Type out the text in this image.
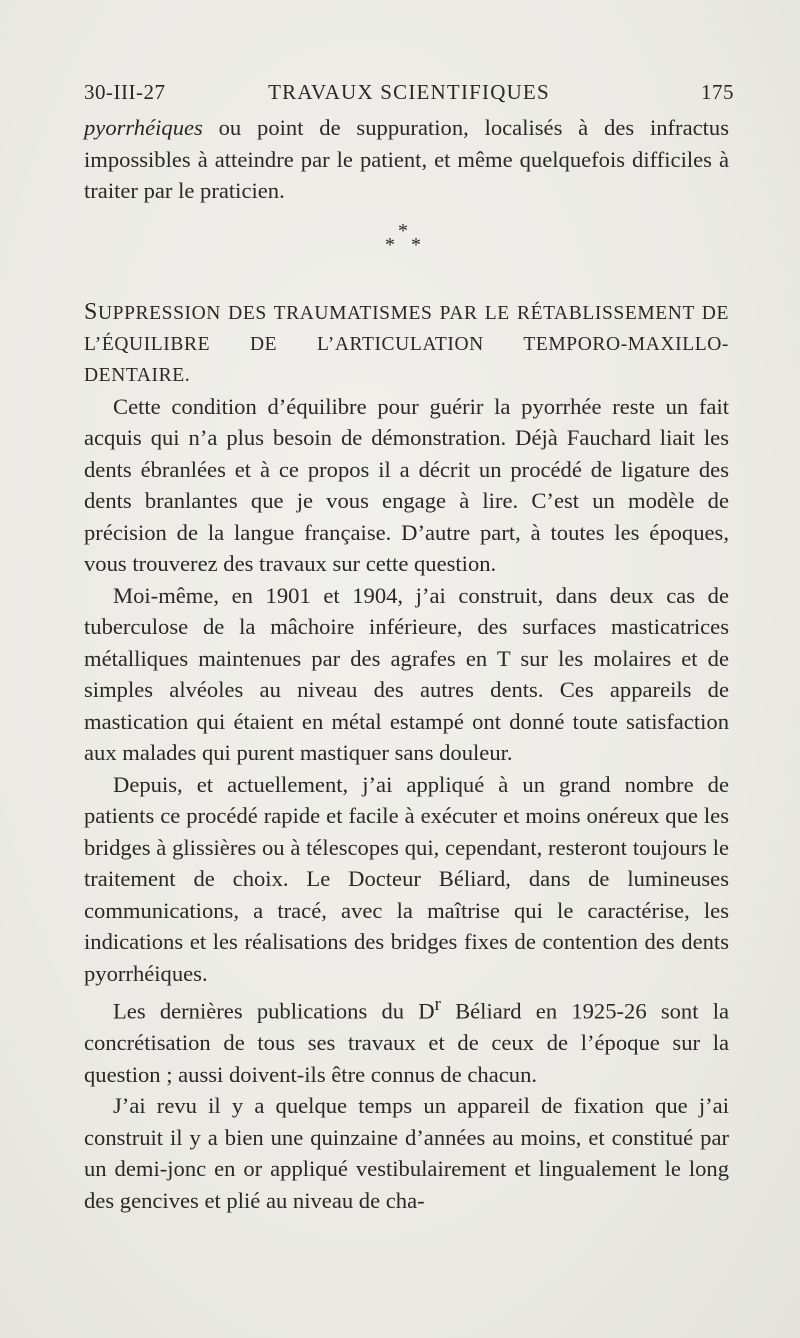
30-III-27	TRAVAUX SCIENTIFIQUES	175

pyorrhéiques ou point de suppuration, localisés à des infractus impossibles à atteindre par le patient, et même quelquefois difficiles à traiter par le praticien.

*
* *

SUPPRESSION DES TRAUMATISMES PAR LE RÉTABLISSEMENT DE L’ÉQUILIBRE DE L’ARTICULATION TEMPORO-MAXILLO-DENTAIRE.

Cette condition d’équilibre pour guérir la pyorrhée reste un fait acquis qui n’a plus besoin de démonstration. Déjà Fauchard liait les dents ébranlées et à ce propos il a décrit un procédé de ligature des dents branlantes que je vous engage à lire. C’est un modèle de précision de la langue française. D’autre part, à toutes les époques, vous trouverez des travaux sur cette question.

Moi-même, en 1901 et 1904, j’ai construit, dans deux cas de tuberculose de la mâchoire inférieure, des surfaces masticatrices métalliques maintenues par des agrafes en T sur les molaires et de simples alvéoles au niveau des autres dents. Ces appareils de mastication qui étaient en métal estampé ont donné toute satisfaction aux malades qui purent mastiquer sans douleur.

Depuis, et actuellement, j’ai appliqué à un grand nombre de patients ce procédé rapide et facile à exécuter et moins onéreux que les bridges à glissières ou à télescopes qui, cependant, resteront toujours le traitement de choix. Le Docteur Béliard, dans de lumineuses communications, a tracé, avec la maîtrise qui le caractérise, les indications et les réalisations des bridges fixes de contention des dents pyorrhéiques.

Les dernières publications du $D^r$ Béliard en 1925-26 sont la concrétisation de tous ses travaux et de ceux de l’époque sur la question ; aussi doivent-ils être connus de chacun.

J’ai revu il y a quelque temps un appareil de fixation que j’ai construit il y a bien une quinzaine d’années au moins, et constitué par un demi-jonc en or appliqué vestibulairement et lingualement le long des gencives et plié au niveau de cha-
